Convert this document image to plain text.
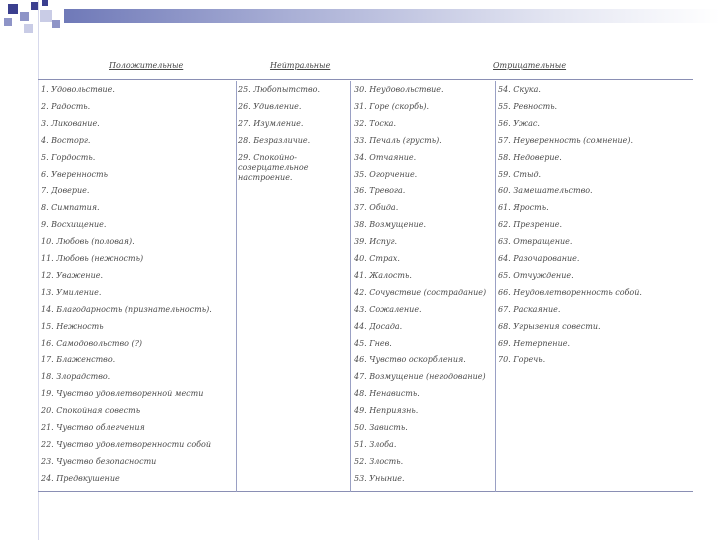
Положительные	Нейтральные	Отрицательные
1. Удовольствие.
2. Радость.
3. Ликование.
4. Восторг.
5. Гордость.
6. Уверенность
7. Доверие.
8. Симпатия.
9. Восхищение.
10. Любовь (половая).
11. Любовь (нежность)
12. Уважение.
13. Умиление.
14. Благодарность (признательность).
15. Нежность
16. Самодовольство (?)
17. Блаженство.
18. Злорадство.
19. Чувство удовлетворенной мести
20. Спокойная совесть
21. Чувство облегчения
22. Чувство удовлетворенности собой
23. Чувство безопасности
24. Предвкушение
25. Любопытство.
26. Удивление.
27. Изумление.
28. Безразличие.
29. Спокойно-созерцательное настроение.
30. Неудовольствие.
31. Горе (скорбь).
32. Тоска.
33. Печаль (грусть).
34. Отчаяние.
35. Огорчение.
36. Тревога.
37. Обида.
38. Возмущение.
39. Испуг.
40. Страх.
41. Жалость.
42. Сочувствие (сострадание)
43. Сожаление.
44. Досада.
45. Гнев.
46. Чувство оскорбления.
47. Возмущение (негодование)
48. Ненависть.
49. Неприязнь.
50. Зависть.
51. Злоба.
52. Злость.
53. Уныние.
54. Скука.
55. Ревность.
56. Ужас.
57. Неуверенность (сомнение).
58. Недоверие.
59. Стыд.
60. Замешательство.
61. Ярость.
62. Презрение.
63. Отвращение.
64. Разочарование.
65. Отчуждение.
66. Неудовлетворенность собой.
67. Раскаяние.
68. Угрызения совести.
69. Нетерпение.
70. Горечь.
